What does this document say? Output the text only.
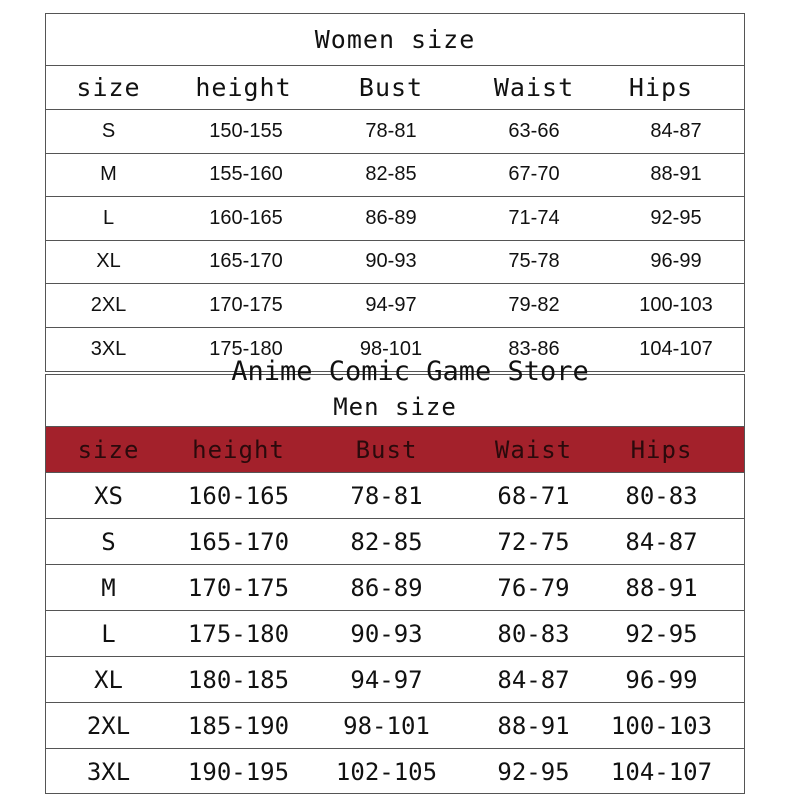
Women size
size	height	Bust	Waist	Hips
S	150-155	78-81	63-66	84-87
M	155-160	82-85	67-70	88-91
L	160-165	86-89	71-74	92-95
XL	165-170	90-93	75-78	96-99
2XL	170-175	94-97	79-82	100-103
3XL	175-180	98-101	83-86	104-107
Men size
size	height	Bust	Waist	Hips
XS	160-165	78-81	68-71	80-83
S	165-170	82-85	72-75	84-87
M	170-175	86-89	76-79	88-91
L	175-180	90-93	80-83	92-95
XL	180-185	94-97	84-87	96-99
2XL	185-190	98-101	88-91	100-103
3XL	190-195	102-105	92-95	104-107
Anime Comic Game Store
